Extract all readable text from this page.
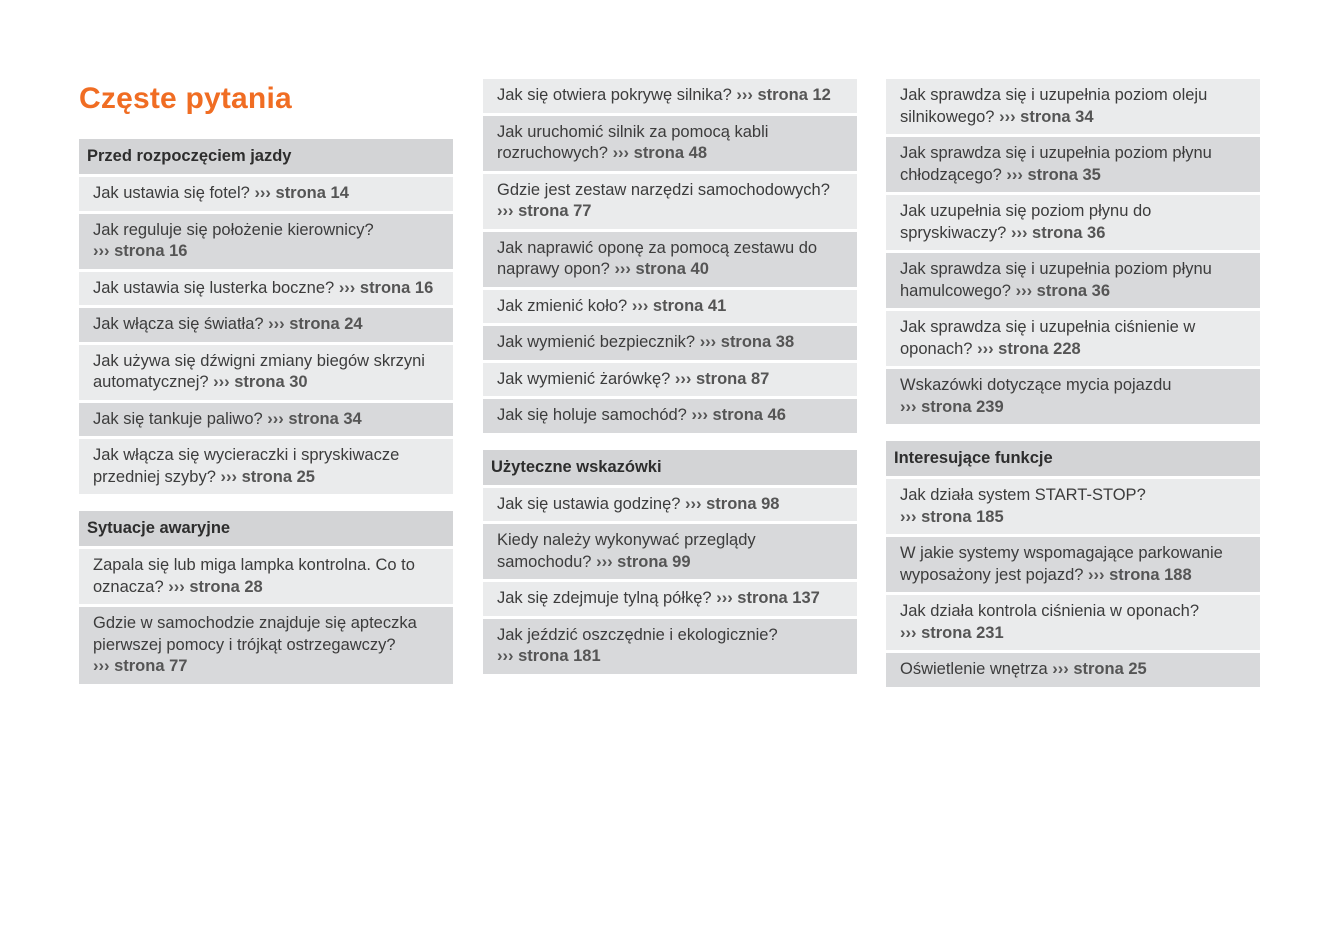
Częste pytania
Przed rozpoczęciem jazdy
Jak ustawia się fotel? ››› strona 14
Jak reguluje się położenie kierownicy? ››› strona 16
Jak ustawia się lusterka boczne? ››› strona 16
Jak włącza się światła? ››› strona 24
Jak używa się dźwigni zmiany biegów skrzyni automatycznej? ››› strona 30
Jak się tankuje paliwo? ››› strona 34
Jak włącza się wycieraczki i spryskiwacze przedniej szyby? ››› strona 25
Sytuacje awaryjne
Zapala się lub miga lampka kontrolna. Co to oznacza? ››› strona 28
Gdzie w samochodzie znajduje się apteczka pierwszej pomocy i trójkąt ostrzegawczy? ››› strona 77
Jak się otwiera pokrywę silnika? ››› strona 12
Jak uruchomić silnik za pomocą kabli rozruchowych? ››› strona 48
Gdzie jest zestaw narzędzi samochodowych? ››› strona 77
Jak naprawić oponę za pomocą zestawu do naprawy opon? ››› strona 40
Jak zmienić koło? ››› strona 41
Jak wymienić bezpiecznik? ››› strona 38
Jak wymienić żarówkę? ››› strona 87
Jak się holuje samochód? ››› strona 46
Użyteczne wskazówki
Jak się ustawia godzinę? ››› strona 98
Kiedy należy wykonywać przeglądy samochodu? ››› strona 99
Jak się zdejmuje tylną półkę? ››› strona 137
Jak jeździć oszczędnie i ekologicznie? ››› strona 181
Jak sprawdza się i uzupełnia poziom oleju silnikowego? ››› strona 34
Jak sprawdza się i uzupełnia poziom płynu chłodzącego? ››› strona 35
Jak uzupełnia się poziom płynu do spryskiwaczy? ››› strona 36
Jak sprawdza się i uzupełnia poziom płynu hamulcowego? ››› strona 36
Jak sprawdza się i uzupełnia ciśnienie w oponach? ››› strona 228
Wskazówki dotyczące mycia pojazdu ››› strona 239
Interesujące funkcje
Jak działa system START-STOP? ››› strona 185
W jakie systemy wspomagające parkowanie wyposażony jest pojazd? ››› strona 188
Jak działa kontrola ciśnienia w oponach? ››› strona 231
Oświetlenie wnętrza ››› strona 25
